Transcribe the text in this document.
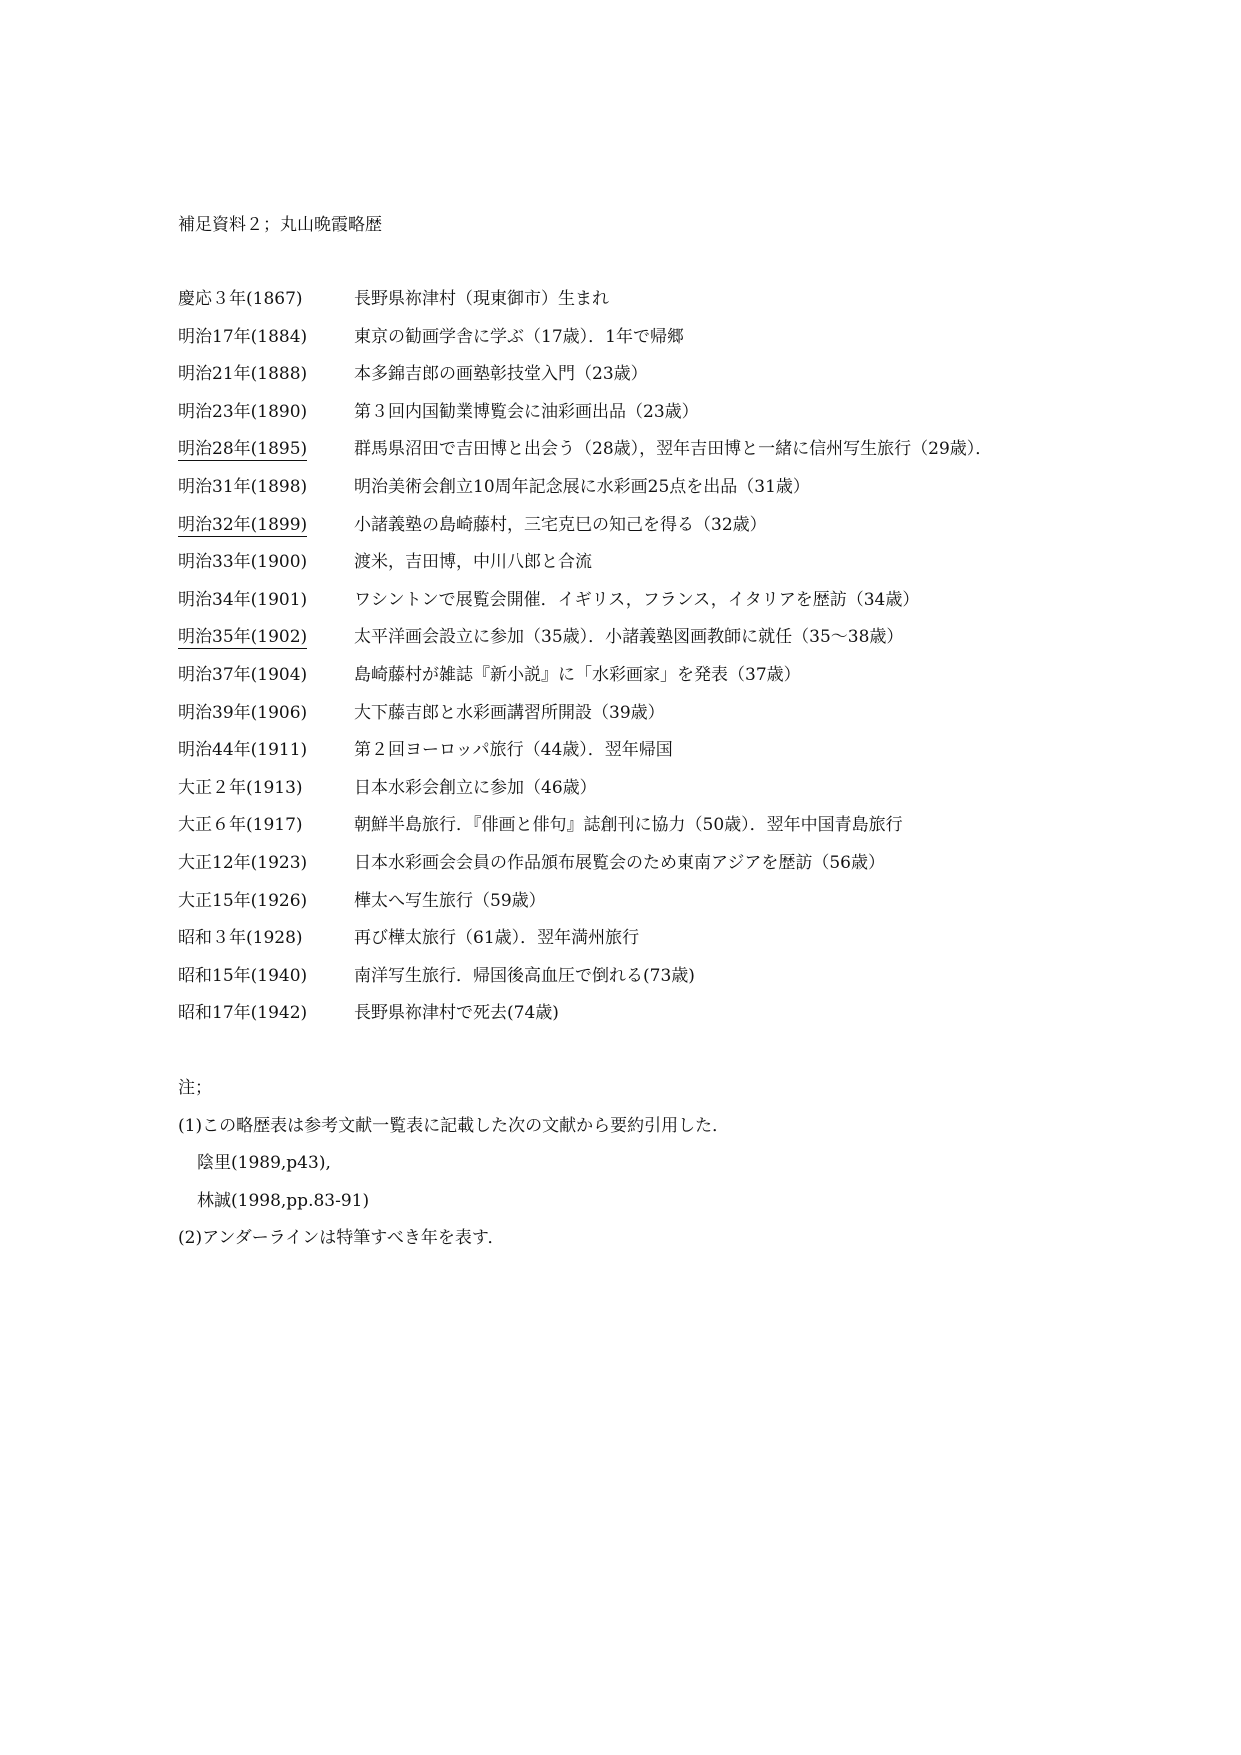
補足資料２；丸山晩霞略歴
慶応３年(1867)	長野県祢津村（現東御市）生まれ
明治17年(1884)	東京の勧画学舎に学ぶ（17歳）．1年で帰郷
明治21年(1888)	本多錦吉郎の画塾彰技堂入門（23歳）
明治23年(1890)	第３回内国勧業博覧会に油彩画出品（23歳）
明治28年(1895)	群馬県沼田で吉田博と出会う（28歳），翌年吉田博と一緒に信州写生旅行（29歳）．
明治31年(1898)	明治美術会創立10周年記念展に水彩画25点を出品（31歳）
明治32年(1899)	小諸義塾の島崎藤村，三宅克巳の知己を得る（32歳）
明治33年(1900)	渡米，吉田博，中川八郎と合流
明治34年(1901)	ワシントンで展覧会開催．イギリス，フランス，イタリアを歴訪（34歳）
明治35年(1902)	太平洋画会設立に参加（35歳）．小諸義塾図画教師に就任（35〜38歳）
明治37年(1904)	島崎藤村が雑誌『新小説』に「水彩画家」を発表（37歳）
明治39年(1906)	大下藤吉郎と水彩画講習所開設（39歳）
明治44年(1911)	第２回ヨーロッパ旅行（44歳）．翌年帰国
大正２年(1913)	日本水彩会創立に参加（46歳）
大正６年(1917)	朝鮮半島旅行．『俳画と俳句』誌創刊に協力（50歳）．翌年中国青島旅行
大正12年(1923)	日本水彩画会会員の作品頒布展覧会のため東南アジアを歴訪（56歳）
大正15年(1926)	樺太へ写生旅行（59歳）
昭和３年(1928)	再び樺太旅行（61歳）．翌年満州旅行
昭和15年(1940)	南洋写生旅行．帰国後高血圧で倒れる(73歳)
昭和17年(1942)	長野県祢津村で死去(74歳)
注；
(1)この略歴表は参考文献一覧表に記載した次の文献から要約引用した．
陰里(1989,p43),
林誠(1998,pp.83-91)
(2)アンダーラインは特筆すべき年を表す．
